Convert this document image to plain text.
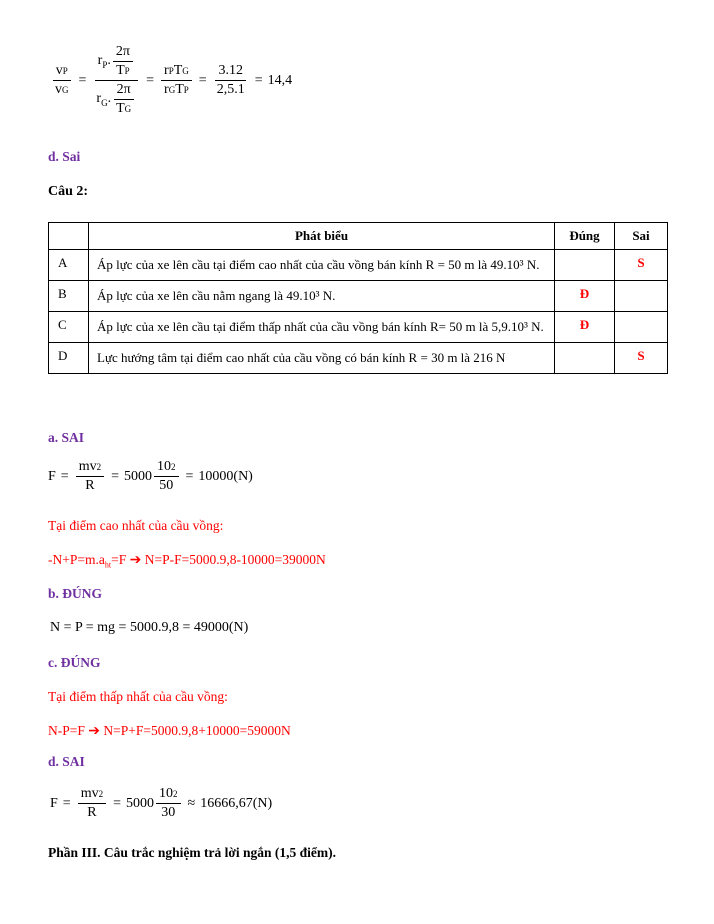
$\frac{\text{v P}}{\text{v G}} = \frac{r_P. \frac{2\pi}{\text{T P}}}{r_G. \frac{2\pi}{\text{T G}}} = \frac{\text{r P T G}}{\text{r G T P}} = \frac{3.12}{2,5.1} = 14,4$
d. Sai
Câu 2:
	Phát biểu	Đúng	Sai
A	Áp lực của xe lên cầu tại điểm cao nhất của cầu vồng bán kính R = 50 m là 49.10³ N.		S
B	Áp lực của xe lên cầu nằm ngang là 49.10³ N.	Đ	
C	Áp lực của xe lên cầu tại điểm thấp nhất của cầu vồng bán kính R= 50 m là 5,9.10³ N.	Đ	
D	Lực hướng tâm tại điểm cao nhất của cầu vồng có bán kính R = 30 m là 216 N		S
a. SAI
$F = \frac{mv 2}{R} = 5000 \frac{10 2}{50} = 10000(N)$
Tại điểm cao nhất của cầu vồng:
$-N+P=m.a_{ht}=F$ ➔ N=P-F=5000.9,8-10000=39000N
b. ĐÚNG
N = P = mg = 5000.9,8 = 49000(N)
c. ĐÚNG
Tại điểm thấp nhất của cầu vồng:
N-P=F ➔ N=P+F=5000.9,8+10000=59000N
d. SAI
$F = \frac{mv 2}{R} = 5000 \frac{10 2}{30} \approx 16666,67(N)$
Phần III. Câu trắc nghiệm trả lời ngắn (1,5 điểm).
